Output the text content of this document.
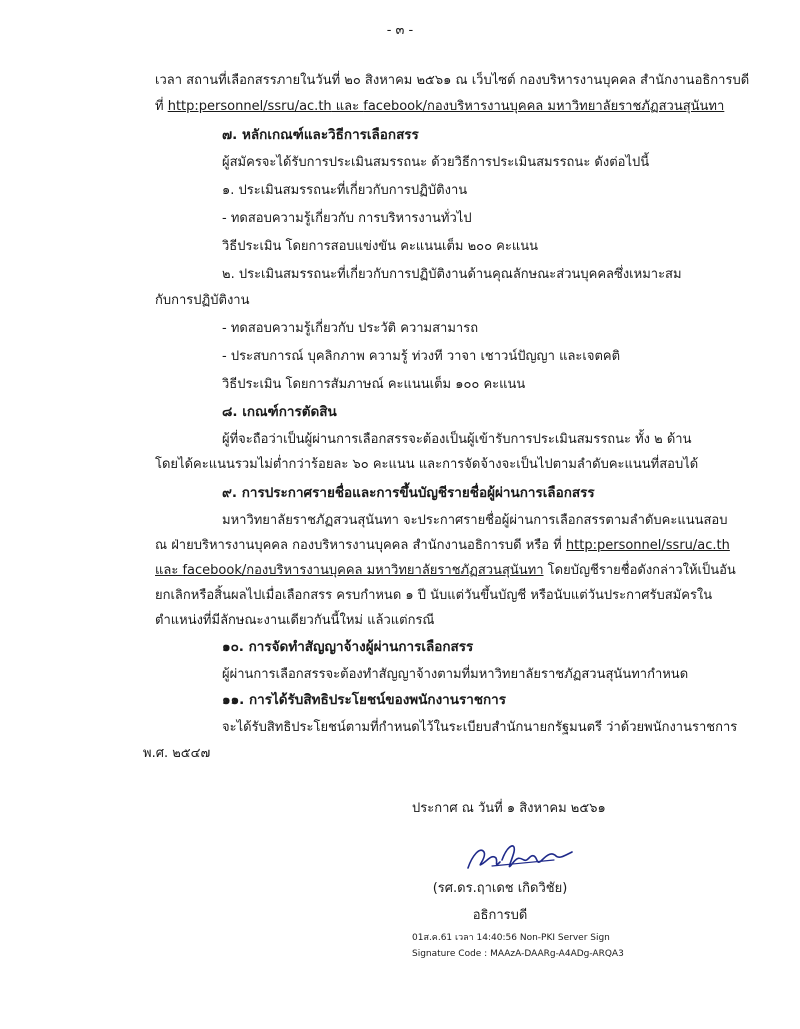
- ๓ -
เวลา สถานที่เลือกสรรภายในวันที่ ๒๐ สิงหาคม ๒๕๖๑ ณ เว็บไซต์ กองบริหารงานบุคคล สำนักงานอธิการบดี
ที่ http:personnel/ssru/ac.th และ facebook/กองบริหารงานบุคคล มหาวิทยาลัยราชภัฏสวนสุนันทา
๗. หลักเกณฑ์และวิธีการเลือกสรร
ผู้สมัครจะได้รับการประเมินสมรรถนะ ด้วยวิธีการประเมินสมรรถนะ ดังต่อไปนี้
๑. ประเมินสมรรถนะที่เกี่ยวกับการปฏิบัติงาน
- ทดสอบความรู้เกี่ยวกับ การบริหารงานทั่วไป
วิธีประเมิน โดยการสอบแข่งขัน คะแนนเต็ม ๒๐๐ คะแนน
๒. ประเมินสมรรถนะที่เกี่ยวกับการปฏิบัติงานด้านคุณลักษณะส่วนบุคคลซึ่งเหมาะสม
กับการปฏิบัติงาน
- ทดสอบความรู้เกี่ยวกับ ประวัติ ความสามารถ
- ประสบการณ์ บุคลิกภาพ ความรู้ ท่วงที วาจา เชาวน์ปัญญา และเจตคติ
วิธีประเมิน โดยการสัมภาษณ์ คะแนนเต็ม ๑๐๐ คะแนน
๘. เกณฑ์การตัดสิน
ผู้ที่จะถือว่าเป็นผู้ผ่านการเลือกสรรจะต้องเป็นผู้เข้ารับการประเมินสมรรถนะ ทั้ง ๒ ด้าน
โดยได้คะแนนรวมไม่ต่ำกว่าร้อยละ ๖๐ คะแนน และการจัดจ้างจะเป็นไปตามลำดับคะแนนที่สอบได้
๙. การประกาศรายชื่อและการขึ้นบัญชีรายชื่อผู้ผ่านการเลือกสรร
มหาวิทยาลัยราชภัฏสวนสุนันทา จะประกาศรายชื่อผู้ผ่านการเลือกสรรตามลำดับคะแนนสอบ
ณ ฝ่ายบริหารงานบุคคล กองบริหารงานบุคคล สำนักงานอธิการบดี หรือ ที่ http:personnel/ssru/ac.th
และ facebook/กองบริหารงานบุคคล มหาวิทยาลัยราชภัฏสวนสุนันทา โดยบัญชีรายชื่อดังกล่าวให้เป็นอัน
ยกเลิกหรือสิ้นผลไปเมื่อเลือกสรร ครบกำหนด ๑ ปี นับแต่วันขึ้นบัญชี หรือนับแต่วันประกาศรับสมัครใน
ตำแหน่งที่มีลักษณะงานเดียวกันนี้ใหม่ แล้วแต่กรณี
๑๐. การจัดทำสัญญาจ้างผู้ผ่านการเลือกสรร
ผู้ผ่านการเลือกสรรจะต้องทำสัญญาจ้างตามที่มหาวิทยาลัยราชภัฏสวนสุนันทากำหนด
๑๑. การได้รับสิทธิประโยชน์ของพนักงานราชการ
จะได้รับสิทธิประโยชน์ตามที่กำหนดไว้ในระเบียบสำนักนายกรัฐมนตรี ว่าด้วยพนักงานราชการ
พ.ศ. ๒๕๔๗
ประกาศ ณ วันที่ ๑ สิงหาคม ๒๕๖๑
(รศ.ดร.ฤาเดช เกิดวิชัย)
อธิการบดี
01ส.ค.61 เวลา 14:40:56 Non-PKI Server Sign
Signature Code : MAAzA-DAARg-A4ADg-ARQA3
